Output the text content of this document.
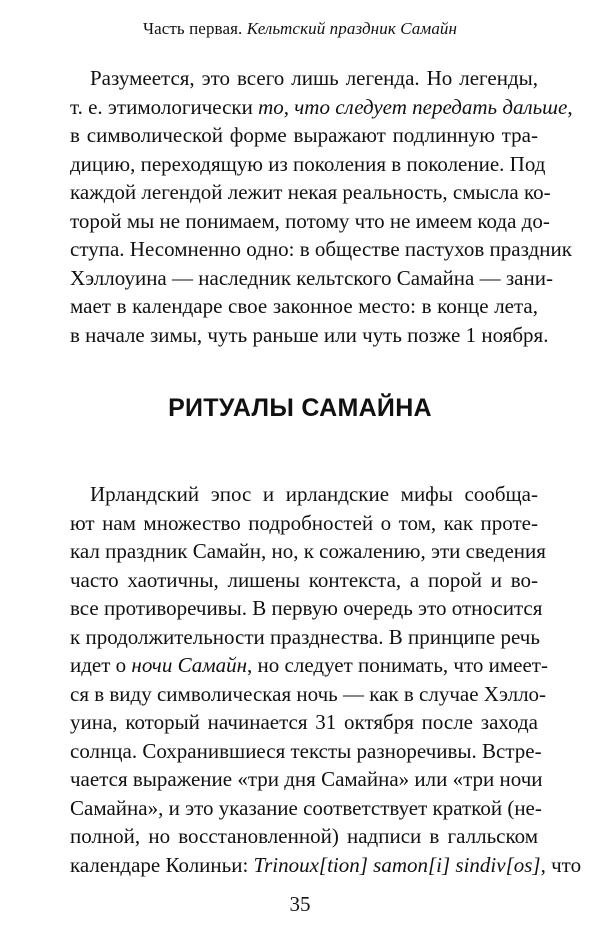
Часть первая. Кельтский праздник Самайн
Разумеется, это всего лишь легенда. Но легенды,
т. е. этимологически то, что следует передать дальше,
в символической форме выражают подлинную тра-
дицию, переходящую из поколения в поколение. Под
каждой легендой лежит некая реальность, смысла ко-
торой мы не понимаем, потому что не имеем кода до-
ступа. Несомненно одно: в обществе пастухов праздник
Хэллоуина — наследник кельтского Самайна — зани-
мает в календаре свое законное место: в конце лета,
в начале зимы, чуть раньше или чуть позже 1 ноября.
РИТУАЛЫ САМАЙНА
Ирландский эпос и ирландские мифы сообща-
ют нам множество подробностей о том, как проте-
кал праздник Самайн, но, к сожалению, эти сведения
часто хаотичны, лишены контекста, а порой и во-
все противоречивы. В первую очередь это относится
к продолжительности празднества. В принципе речь
идет о ночи Самайн, но следует понимать, что имеет-
ся в виду символическая ночь — как в случае Хэлло-
уина, который начинается 31 октября после захода
солнца. Сохранившиеся тексты разноречивы. Встре-
чается выражение «три дня Самайна» или «три ночи
Самайна», и это указание соответствует краткой (не-
полной, но восстановленной) надписи в галльском
календаре Колиньи: Trinoux[tion] samon[i] sindiv[os], что
35
